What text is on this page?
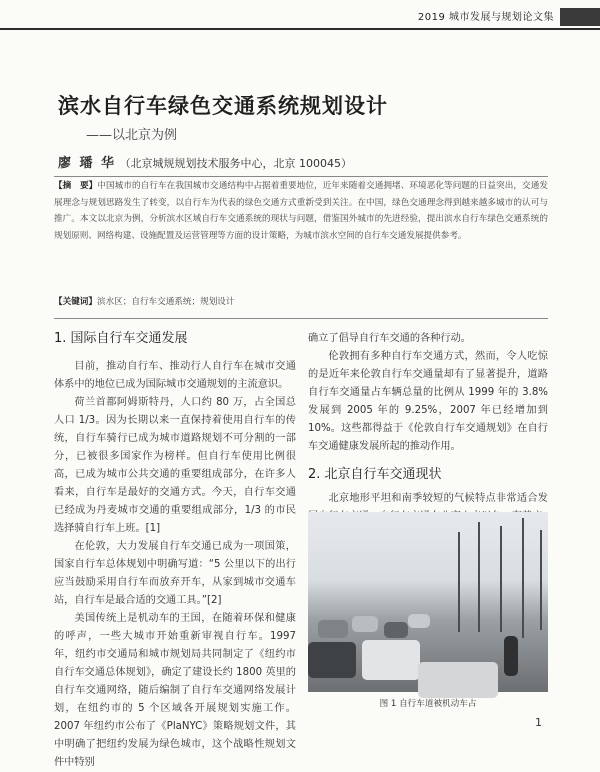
2019 城市发展与规划论文集
滨水自行车绿色交通系统规划设计
——以北京为例
廖 璠 华 （北京城规规划技术服务中心，北京 100045）
【摘　要】中国城市的自行车在我国城市交通结构中占据着重要地位，近年来随着交通拥堵、环境恶化等问题的日益突出，交通发展理念与规划思路发生了转变，以自行车为代表的绿色交通方式重新受到关注。在中国，绿色交通理念得到越来越多城市的认可与推广。本文以北京为例，分析滨水区域自行车交通系统的现状与问题，借鉴国外城市的先进经验，提出滨水自行车绿色交通系统的规划原则、网络构建、设施配置及运营管理等方面的设计策略，为城市滨水空间的自行车交通发展提供参考。
【关键词】滨水区；自行车交通系统；规划设计
1. 国际自行车交通发展

目前，推动自行车、推动行人自行车在城市交通体系中的地位已成为国际城市交通规划的主流意识。

荷兰首都阿姆斯特丹，人口约 80 万，占全国总人口 1/3。因为长期以来一直保持着使用自行车的传统，自行车骑行已成为城市道路规划不可分割的一部分，已被很多国家作为榜样。但自行车使用比例很高，已成为城市公共交通的重要组成部分，在许多人看来，自行车是最好的交通方式。今天，自行车交通已经成为丹麦城市交通的重要组成部分，1/3 的市民选择骑自行车上班。[1]

在伦敦，大力发展自行车交通已成为一项国策，国家自行车总体规划中明确写道：“5 公里以下的出行应当鼓励采用自行车而放弃开车，从家到城市交通车站，自行车是最合适的交通工具。”[2]

美国传统上是机动车的王国，在随着环保和健康的呼声，一些大城市开始重新审视自行车。1997 年，纽约市交通局和城市规划局共同制定了《纽约市自行车交通总体规划》，确定了建设长约 1800 英里的自行车交通网络，随后编制了自行车交通网络发展计划，在纽约市的 5 个区域各开展规划实施工作。2007 年纽约市公布了《PlaNYC》策略规划文件，其中明确了把纽约发展为绿色城市，这个战略性规划文件中特别

确立了倡导自行车交通的各种行动。

伦敦拥有多种自行车交通方式，然而，令人吃惊的是近年来伦敦自行车交通量却有了显著提升，道路自行车交通量占车辆总量的比例从 1999 年的 3.8% 发展到 2005 年的 9.25%，2007 年已经增加到 10%。这些都得益于《伦敦自行车交通规划》在自行车交通健康发展所起的推动作用。

2. 北京自行车交通现状

北京地形平坦和南季较短的气候特点非常适合发

图 1 自行车道被机动车占
1
